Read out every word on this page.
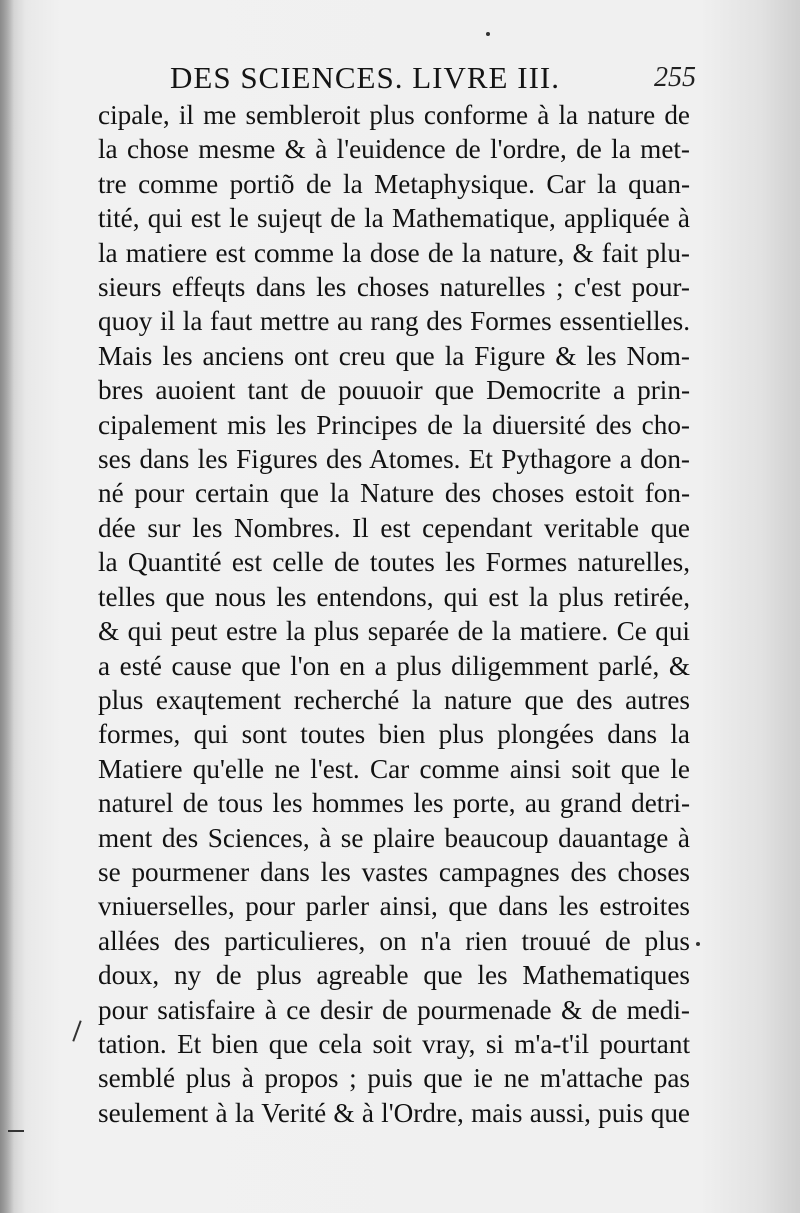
DES SCIENCES. LIVRE III.	255
cipale, il me sembleroit plus conforme à la nature de
la chose mesme & à l'euidence de l'ordre, de la met-
tre comme portiõ de la Metaphysique. Car la quan-
tité, qui est le sujeɥt de la Mathematique, appliquée à
la matiere est comme la dose de la nature, & fait plu-
sieurs effeɥts dans les choses naturelles ; c'est pour-
quoy il la faut mettre au rang des Formes essentielles.
Mais les anciens ont creu que la Figure & les Nom-
bres auoient tant de pouuoir que Democrite a prin-
cipalement mis les Principes de la diuersité des cho-
ses dans les Figures des Atomes. Et Pythagore a don-
né pour certain que la Nature des choses estoit fon-
dée sur les Nombres. Il est cependant veritable que
la Quantité est celle de toutes les Formes naturelles,
telles que nous les entendons, qui est la plus retirée,
& qui peut estre la plus separée de la matiere. Ce qui
a esté cause que l'on en a plus diligemment parlé, &
plus exaɥtement recherché la nature que des autres
formes, qui sont toutes bien plus plongées dans la
Matiere qu'elle ne l'est. Car comme ainsi soit que le
naturel de tous les hommes les porte, au grand detri-
ment des Sciences, à se plaire beaucoup dauantage à
se pourmener dans les vastes campagnes des choses
vniuerselles, pour parler ainsi, que dans les estroites
allées des particulieres, on n'a rien trouué de plus
doux, ny de plus agreable que les Mathematiques
pour satisfaire à ce desir de pourmenade & de medi-
tation. Et bien que cela soit vray, si m'a-t'il pourtant
semblé plus à propos ; puis que ie ne m'attache pas
seulement à la Verité & à l'Ordre, mais aussi, puis que
